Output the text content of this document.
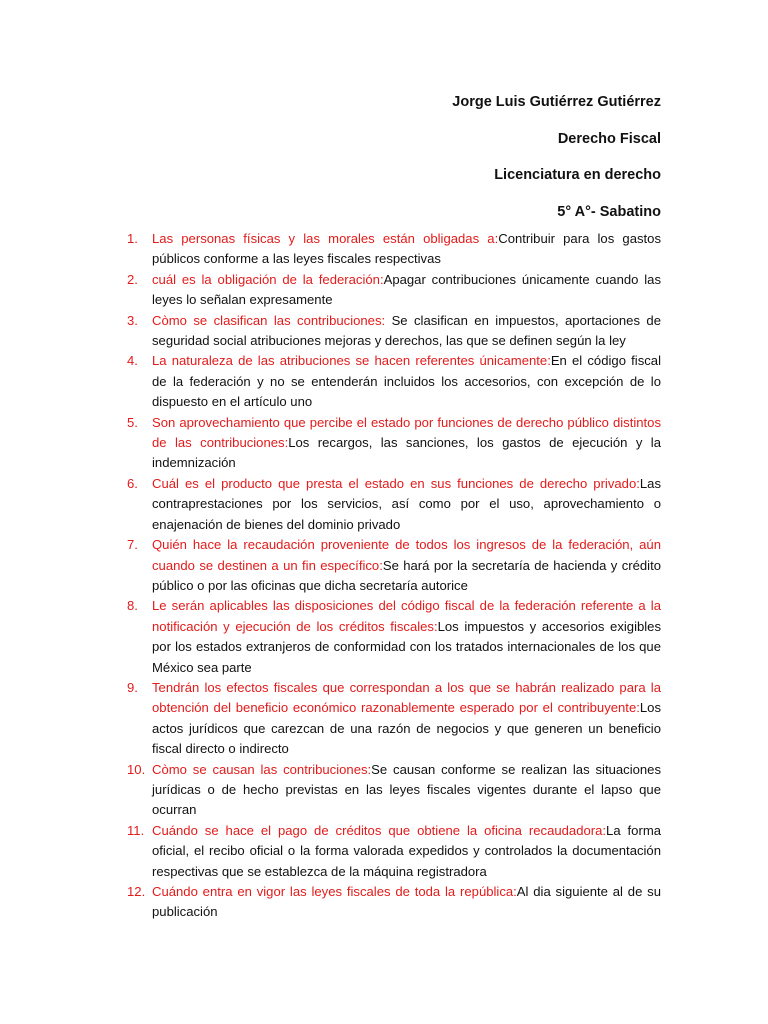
Jorge Luis Gutiérrez Gutiérrez
Derecho Fiscal
Licenciatura en derecho
5° A°- Sabatino
1. Las personas físicas y las morales están obligadas a:Contribuir para los gastos públicos conforme a las leyes fiscales respectivas
2. cuál es la obligación de la federación:Apagar contribuciones únicamente cuando las leyes lo señalan expresamente
3. Còmo se clasifican las contribuciones: Se clasifican en impuestos, aportaciones de seguridad social atribuciones mejoras y derechos, las que se definen según la ley
4. La naturaleza de las atribuciones se hacen referentes únicamente:En el código fiscal de la federación y no se entenderán incluidos los accesorios, con excepción de lo dispuesto en el artículo uno
5. Son aprovechamiento que percibe el estado por funciones de derecho público distintos de las contribuciones:Los recargos, las sanciones, los gastos de ejecución y la indemnización
6. Cuál es el producto que presta el estado en sus funciones de derecho privado:Las contraprestaciones por los servicios, así como por el uso, aprovechamiento o enajenación de bienes del dominio privado
7. Quién hace la recaudación proveniente de todos los ingresos de la federación, aún cuando se destinen a un fin específico:Se hará por la secretaría de hacienda y crédito público o por las oficinas que dicha secretaría autorice
8. Le serán aplicables las disposiciones del código fiscal de la federación referente a la notificación y ejecución de los créditos fiscales:Los impuestos y accesorios exigibles por los estados extranjeros de conformidad con los tratados internacionales de los que México sea parte
9. Tendrán los efectos fiscales que correspondan a los que se habrán realizado para la obtención del beneficio económico razonablemente esperado por el contribuyente:Los actos jurídicos que carezcan de una razón de negocios y que generen un beneficio fiscal directo o indirecto
10. Còmo se causan las contribuciones:Se causan conforme se realizan las situaciones jurídicas o de hecho previstas en las leyes fiscales vigentes durante el lapso que ocurran
11. Cuándo se hace el pago de créditos que obtiene la oficina recaudadora:La forma oficial, el recibo oficial o la forma valorada expedidos y controlados la documentación respectivas que se establezca de la máquina registradora
12. Cuándo entra en vigor las leyes fiscales de toda la república:Al dia siguiente al de su publicación
